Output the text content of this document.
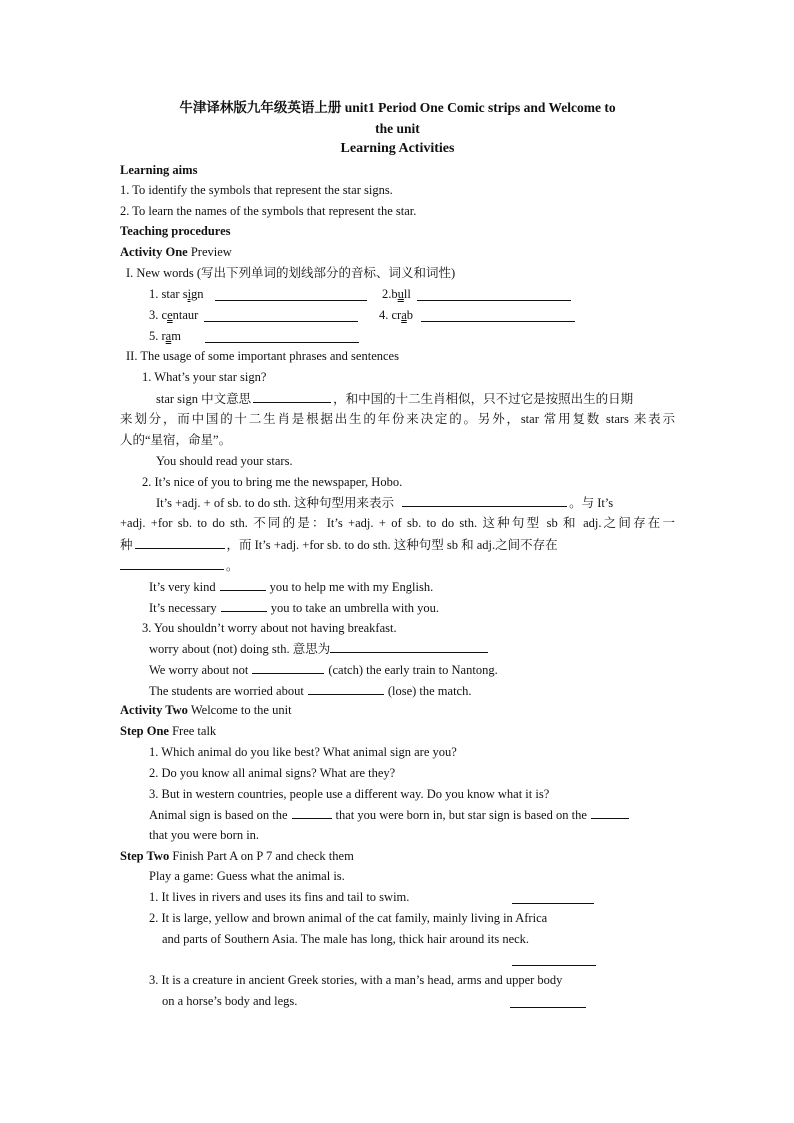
牛津译林版九年级英语上册 unit1 Period One Comic strips and Welcome to
the unit
Learning Activities
Learning aims
1. To identify the symbols that represent the star signs.
2. To learn the names of the symbols that represent the star.
Teaching procedures
Activity One Preview
I. New words (写出下列单词的划线部分的音标、词义和词性)
1. star sign	2.bull
3. centaur	4. crab
5. ram
II. The usage of some important phrases and sentences
1. What’s your star sign?
star sign 中文意思	，和中国的十二生肖相似，只不过它是按照出生的日期
来划分，而中国的十二生肖是根据出生的年份来决定的。另外，star 常用复数 stars 来表示
人的“星宿，命星”。
You should read your stars.
2. It’s nice of you to bring me the newspaper, Hobo.
It’s +adj. + of sb. to do sth. 这种句型用来表示	。与 It’s
+adj. +for sb. to do sth. 不同的是：It’s +adj. + of sb. to do sth. 这种句型 sb 和 adj.之间存在一
种	，而 It’s +adj. +for sb. to do sth. 这种句型 sb 和 adj.之间不存在
。
It’s very kind	you to help me with my English.
It’s necessary	you to take an umbrella with you.
3. You shouldn’t worry about not having breakfast.
worry about (not) doing sth. 意思为
We worry about not	(catch) the early train to Nantong.
The students are worried about	(lose) the match.
Activity Two Welcome to the unit
Step One Free talk
1. Which animal do you like best? What animal sign are you?
2. Do you know all animal signs? What are they?
3. But in western countries, people use a different way. Do you know what it is?
Animal sign is based on the	that you were born in, but star sign is based on the
that you were born in.
Step Two Finish Part A on P 7 and check them
Play a game: Guess what the animal is.
1. It lives in rivers and uses its fins and tail to swim.
2. It is large, yellow and brown animal of the cat family, mainly living in Africa
and parts of Southern Asia. The male has long, thick hair around its neck.
3. It is a creature in ancient Greek stories, with a man’s head, arms and upper body
on a horse’s body and legs.
